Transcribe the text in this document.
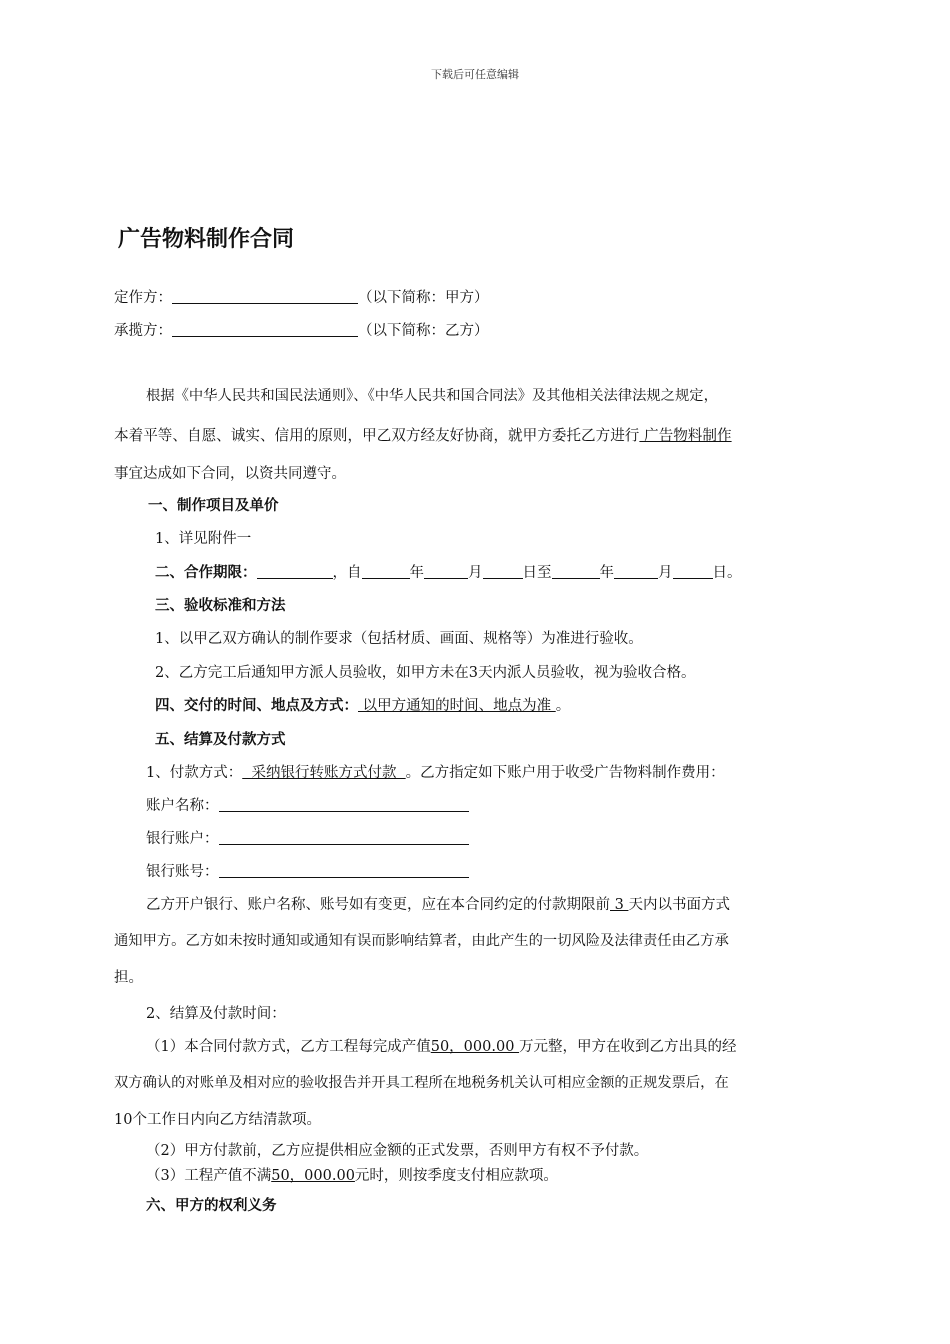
下载后可任意编辑
广告物料制作合同
定作方：	（以下简称：甲方）
承揽方：	（以下简称：乙方）
根据《中华人民共和国民法通则》、《中华人民共和国合同法》及其他相关法律法规之规定，
本着平等、自愿、诚实、信用的原则，甲乙双方经友好协商，就甲方委托乙方进行 广告物料制作
事宜达成如下合同，以资共同遵守。
一、制作项目及单价
1、详见附件一
二、合作期限：	，自	年	月	日至	年	月	日。
三、验收标准和方法
1、以甲乙双方确认的制作要求（包括材质、画面、规格等）为准进行验收。
2、乙方完工后通知甲方派人员验收，如甲方未在3天内派人员验收，视为验收合格。
四、交付的时间、地点及方式： 以甲方通知的时间、地点为准 。
五、结算及付款方式
1、付款方式：  采纳银行转账方式付款  。乙方指定如下账户用于收受广告物料制作费用：
账户名称：
银行账户：
银行账号：
乙方开户银行、账户名称、账号如有变更，应在本合同约定的付款期限前 3 天内以书面方式
通知甲方。乙方如未按时通知或通知有误而影响结算者，由此产生的一切风险及法律责任由乙方承
担。
2、结算及付款时间：
（1）本合同付款方式，乙方工程每完成产值50，000.00 万元整，甲方在收到乙方出具的经
双方确认的对账单及相对应的验收报告并开具工程所在地税务机关认可相应金额的正规发票后，在
10个工作日内向乙方结清款项。
（2）甲方付款前，乙方应提供相应金额的正式发票，否则甲方有权不予付款。
（3）工程产值不满50，000.00元时，则按季度支付相应款项。
六、甲方的权利义务
